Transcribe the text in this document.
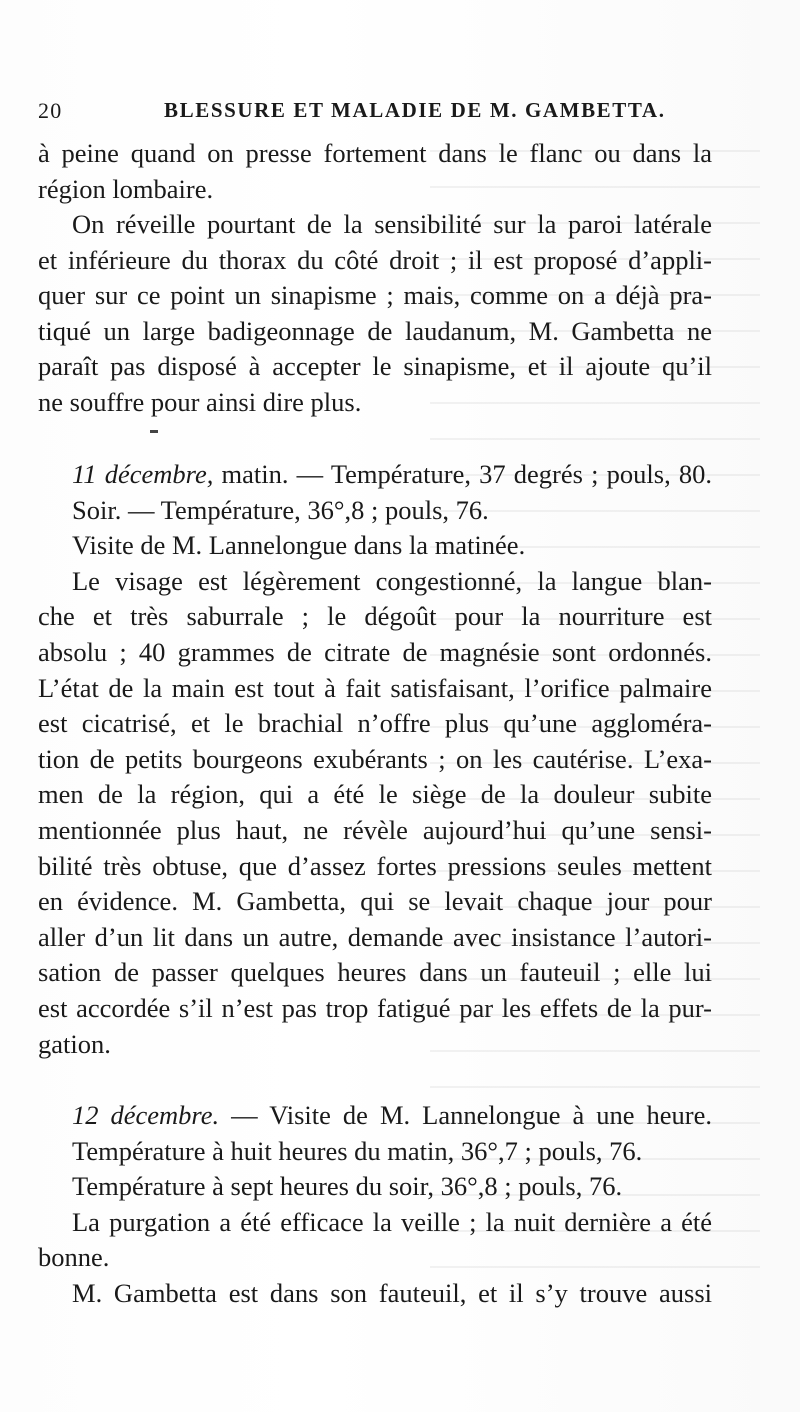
20	BLESSURE ET MALADIE DE M. GAMBETTA.
à peine quand on presse fortement dans le flanc ou dans la
région lombaire.
On réveille pourtant de la sensibilité sur la paroi latérale
et inférieure du thorax du côté droit ; il est proposé d’appli-
quer sur ce point un sinapisme ; mais, comme on a déjà pra-
tiqué un large badigeonnage de laudanum, M. Gambetta ne
paraît pas disposé à accepter le sinapisme, et il ajoute qu’il
ne souffre pour ainsi dire plus.
11 décembre, matin. — Température, 37 degrés ; pouls, 80.
Soir. — Température, 36°,8 ; pouls, 76.
Visite de M. Lannelongue dans la matinée.
Le visage est légèrement congestionné, la langue blan-
che et très saburrale ; le dégoût pour la nourriture est
absolu ; 40 grammes de citrate de magnésie sont ordonnés.
L’état de la main est tout à fait satisfaisant, l’orifice palmaire
est cicatrisé, et le brachial n’offre plus qu’une aggloméra-
tion de petits bourgeons exubérants ; on les cautérise. L’exa-
men de la région, qui a été le siège de la douleur subite
mentionnée plus haut, ne révèle aujourd’hui qu’une sensi-
bilité très obtuse, que d’assez fortes pressions seules mettent
en évidence. M. Gambetta, qui se levait chaque jour pour
aller d’un lit dans un autre, demande avec insistance l’autori-
sation de passer quelques heures dans un fauteuil ; elle lui
est accordée s’il n’est pas trop fatigué par les effets de la pur-
gation.
12 décembre. — Visite de M. Lannelongue à une heure.
Température à huit heures du matin, 36°,7 ; pouls, 76.
Température à sept heures du soir, 36°,8 ; pouls, 76.
La purgation a été efficace la veille ; la nuit dernière a été
bonne.
M. Gambetta est dans son fauteuil, et il s’y trouve aussi
